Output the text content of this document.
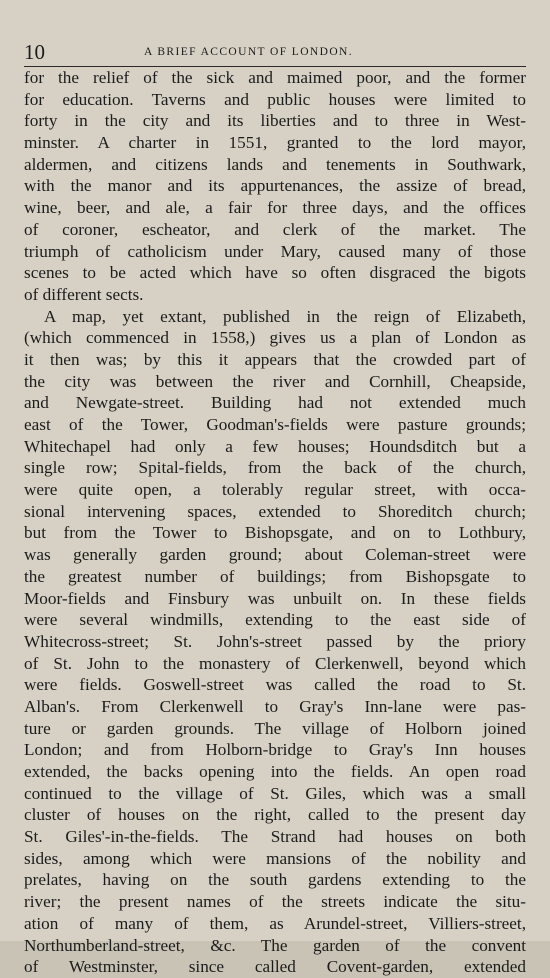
10	A BRIEF ACCOUNT OF LONDON.
for the relief of the sick and maimed poor, and the former
for education. Taverns and public houses were limited to
forty in the city and its liberties and to three in West-
minster. A charter in 1551, granted to the lord mayor,
aldermen, and citizens lands and tenements in Southwark,
with the manor and its appurtenances, the assize of bread,
wine, beer, and ale, a fair for three days, and the offices
of coroner, escheator, and clerk of the market. The
triumph of catholicism under Mary, caused many of those
scenes to be acted which have so often disgraced the bigots
of different sects.
A map, yet extant, published in the reign of Elizabeth,
(which commenced in 1558,) gives us a plan of London as
it then was; by this it appears that the crowded part of
the city was between the river and Cornhill, Cheapside,
and Newgate-street. Building had not extended much
east of the Tower, Goodman's-fields were pasture grounds;
Whitechapel had only a few houses; Houndsditch but a
single row; Spital-fields, from the back of the church,
were quite open, a tolerably regular street, with occa-
sional intervening spaces, extended to Shoreditch church;
but from the Tower to Bishopsgate, and on to Lothbury,
was generally garden ground; about Coleman-street were
the greatest number of buildings; from Bishopsgate to
Moor-fields and Finsbury was unbuilt on. In these fields
were several windmills, extending to the east side of
Whitecross-street; St. John's-street passed by the priory
of St. John to the monastery of Clerkenwell, beyond which
were fields. Goswell-street was called the road to St.
Alban's. From Clerkenwell to Gray's Inn-lane were pas-
ture or garden grounds. The village of Holborn joined
London; and from Holborn-bridge to Gray's Inn houses
extended, the backs opening into the fields. An open road
continued to the village of St. Giles, which was a small
cluster of houses on the right, called to the present day
St. Giles'-in-the-fields. The Strand had houses on both
sides, among which were mansions of the nobility and
prelates, having on the south gardens extending to the
river; the present names of the streets indicate the situ-
ation of many of them, as Arundel-street, Villiers-street,
Northumberland-street, &c. The garden of the convent
of Westminster, since called Covent-garden, extended
